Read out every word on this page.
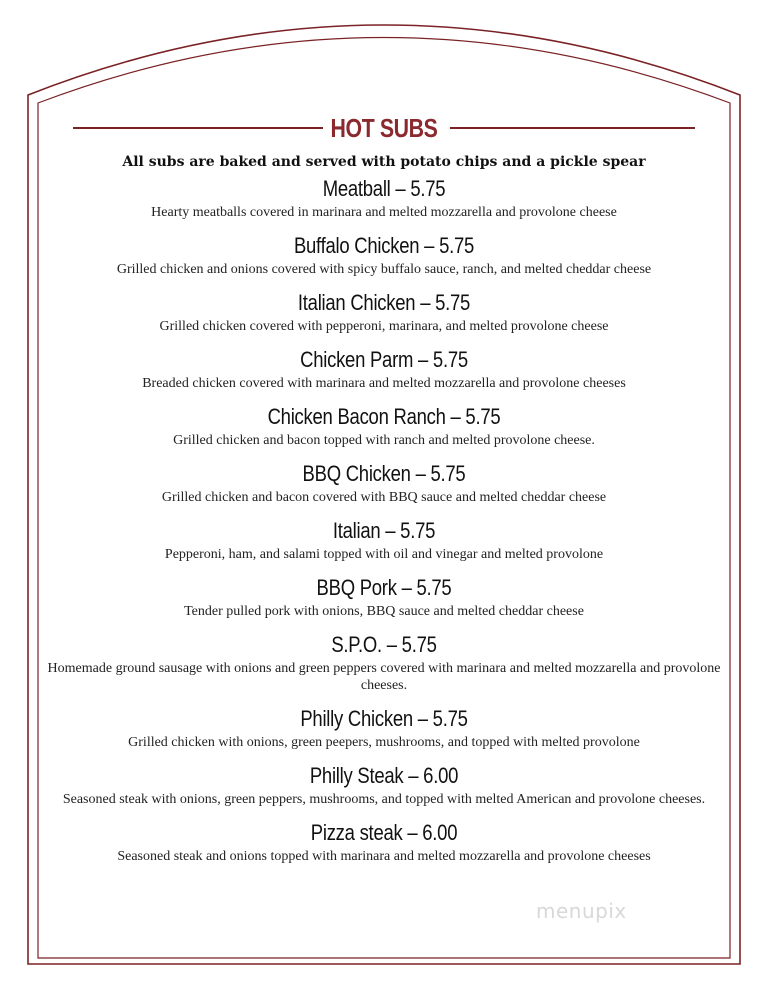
HOT SUBS
All subs are baked and served with potato chips and a pickle spear
Meatball – 5.75
Hearty meatballs covered in marinara and melted mozzarella and provolone cheese
Buffalo Chicken – 5.75
Grilled chicken and onions covered with spicy buffalo sauce, ranch, and melted cheddar cheese
Italian Chicken – 5.75
Grilled chicken covered with pepperoni, marinara, and melted provolone cheese
Chicken Parm – 5.75
Breaded chicken covered with marinara and melted mozzarella and provolone cheeses
Chicken Bacon Ranch – 5.75
Grilled chicken and bacon topped with ranch and melted provolone cheese.
BBQ Chicken – 5.75
Grilled chicken and bacon covered with BBQ sauce and melted cheddar cheese
Italian – 5.75
Pepperoni, ham, and salami topped with oil and vinegar and melted provolone
BBQ Pork – 5.75
Tender pulled pork with onions, BBQ sauce and melted cheddar cheese
S.P.O. – 5.75
Homemade ground sausage with onions and green peppers covered with marinara and melted mozzarella and provolone cheeses.
Philly Chicken – 5.75
Grilled chicken with onions, green peepers, mushrooms, and topped with melted provolone
Philly Steak – 6.00
Seasoned steak with onions, green peppers, mushrooms, and topped with melted American and provolone cheeses.
Pizza steak – 6.00
Seasoned steak and onions topped with marinara and melted mozzarella and provolone cheeses
menupix
